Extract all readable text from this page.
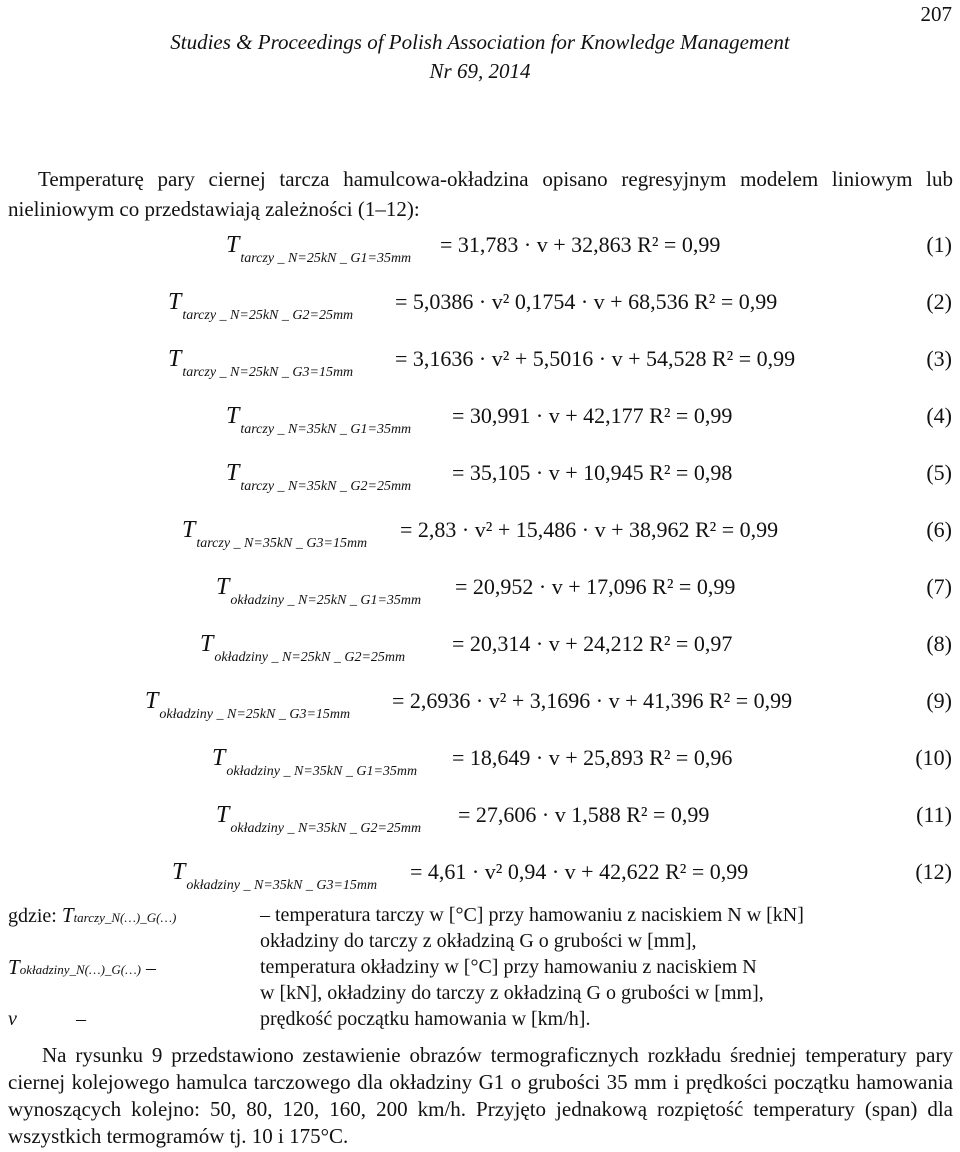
207
Studies & Proceedings of Polish Association for Knowledge Management
Nr 69, 2014

Temperaturę pary ciernej tarcza hamulcowa-okładzina opisano regresyjnym modelem liniowym lub nieliniowym co przedstawiają zależności (1–12):

$T_{tarczy \_ N=25kN \_ G1=35mm}$
= 31,783 · v + 32,863 R² = 0,99	(1)
$T_{tarczy \_ N=25kN \_ G2=25mm}$
= 5,0386 · v² 0,1754 · v + 68,536 R² = 0,99	(2)
$T_{tarczy \_ N=25kN \_ G3=15mm}$
= 3,1636 · v² + 5,5016 · v + 54,528 R² = 0,99	(3)
$T_{tarczy \_ N=35kN \_ G1=35mm}$
= 30,991 · v + 42,177 R² = 0,99	(4)
$T_{tarczy \_ N=35kN \_ G2=25mm}$
= 35,105 · v + 10,945 R² = 0,98	(5)
$T_{tarczy \_ N=35kN \_ G3=15mm}$
= 2,83 · v² + 15,486 · v + 38,962 R² = 0,99	(6)
$T_{okładziny \_ N=25kN \_ G1=35mm}$
= 20,952 · v + 17,096 R² = 0,99	(7)
$T_{okładziny \_ N=25kN \_ G2=25mm}$
= 20,314 · v + 24,212 R² = 0,97	(8)
$T_{okładziny \_ N=25kN \_ G3=15mm}$
= 2,6936 · v² + 3,1696 · v + 41,396 R² = 0,99	(9)
$T_{okładziny \_ N=35kN \_ G1=35mm}$
= 18,649 · v + 25,893 R² = 0,96	(10)
$T_{okładziny \_ N=35kN \_ G2=25mm}$
= 27,606 · v 1,588 R² = 0,99	(11)
$T_{okładziny \_ N=35kN \_ G3=15mm}$
= 4,61 · v² 0,94 · v + 42,622 R² = 0,99	(12)
gdzie: Ttarczy_N(…)_G(…)	– temperatura tarczy w [°C] przy hamowaniu z naciskiem N w [kN]
okładziny do tarczy z okładziną G o grubości w [mm],
Tokładziny_N(…)_G(…) –	temperatura okładziny w [°C] przy hamowaniu z naciskiem N
w [kN], okładziny do tarczy z okładziną G o grubości w [mm],
v	–	prędkość początku hamowania w [km/h].

Na rysunku 9 przedstawiono zestawienie obrazów termograficznych rozkładu średniej temperatury pary ciernej kolejowego hamulca tarczowego dla okładziny G1 o grubości 35 mm i prędkości początku hamowania wynoszących kolejno: 50, 80, 120, 160, 200 km/h. Przyjęto jednakową rozpiętość temperatury (span) dla wszystkich termogramów tj. 10 i 175°C.
